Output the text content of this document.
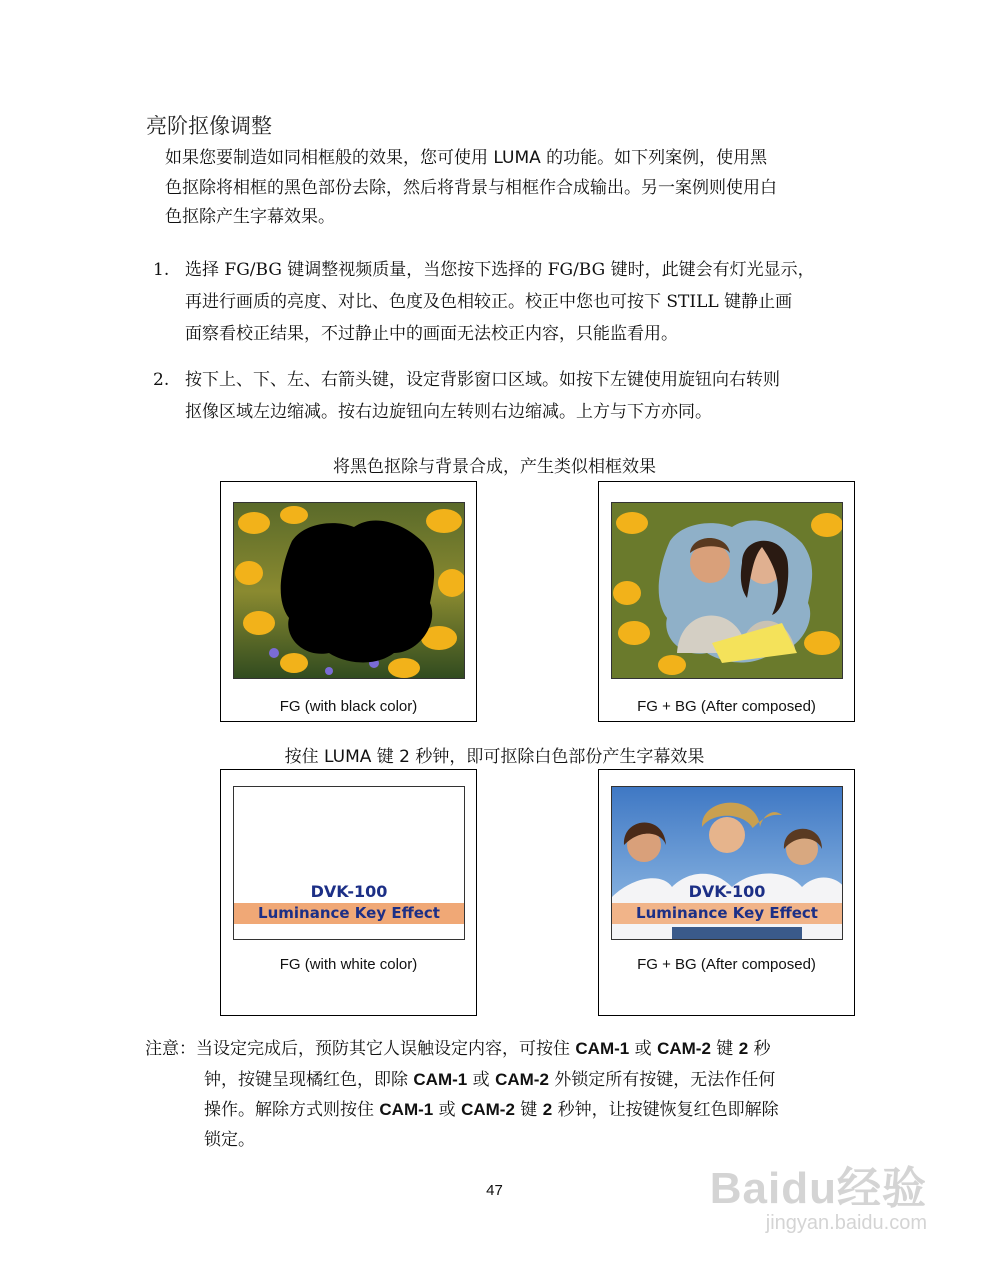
亮阶抠像调整
如果您要制造如同相框般的效果，您可使用 LUMA 的功能。如下列案例，使用黑
色抠除将相框的黑色部份去除，然后将背景与相框作合成输出。另一案例则使用白
色抠除产生字幕效果。
1. 选择 FG/BG 键调整视频质量，当您按下选择的 FG/BG 键时，此键会有灯光显示，
再进行画质的亮度、对比、色度及色相较正。校正中您也可按下 STILL 键静止画
面察看校正结果，不过静止中的画面无法校正内容，只能监看用。
2. 按下上、下、左、右箭头键，设定背影窗口区域。如按下左键使用旋钮向右转则
抠像区域左边缩减。按右边旋钮向左转则右边缩减。上方与下方亦同。
将黑色抠除与背景合成，产生类似相框效果
FG (with black color)	FG + BG (After composed)
按住 LUMA 键 2 秒钟，即可抠除白色部份产生字幕效果
DVK-100
Luminance Key Effect
FG (with white color)
DVK-100
Luminance Key Effect
FG + BG (After composed)
注意：当设定完成后，预防其它人误触设定内容，可按住 CAM-1 或 CAM-2 键 2 秒
钟，按键呈现橘红色，即除 CAM-1 或 CAM-2 外锁定所有按键，无法作任何
操作。解除方式则按住 CAM-1 或 CAM-2 键 2 秒钟，让按键恢复红色即解除
锁定。
47	Baidu经验
jingyan.baidu.com
